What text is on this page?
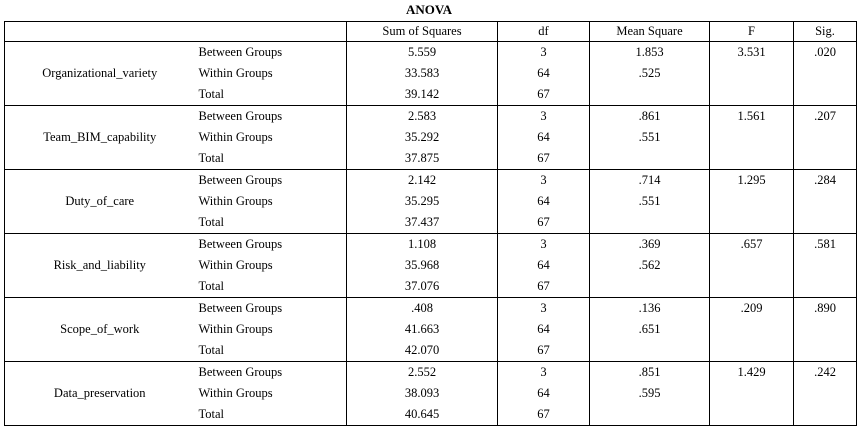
ANOVA
		Sum of Squares	df	Mean Square	F	Sig.
Organizational_variety	Between Groups	5.559	3	1.853	3.531	.020
	Within Groups	33.583	64	.525		
	Total	39.142	67			
Team_BIM_capability	Between Groups	2.583	3	.861	1.561	.207
	Within Groups	35.292	64	.551		
	Total	37.875	67			
Duty_of_care	Between Groups	2.142	3	.714	1.295	.284
	Within Groups	35.295	64	.551		
	Total	37.437	67			
Risk_and_liability	Between Groups	1.108	3	.369	.657	.581
	Within Groups	35.968	64	.562		
	Total	37.076	67			
Scope_of_work	Between Groups	.408	3	.136	.209	.890
	Within Groups	41.663	64	.651		
	Total	42.070	67			
Data_preservation	Between Groups	2.552	3	.851	1.429	.242
	Within Groups	38.093	64	.595		
	Total	40.645	67			
